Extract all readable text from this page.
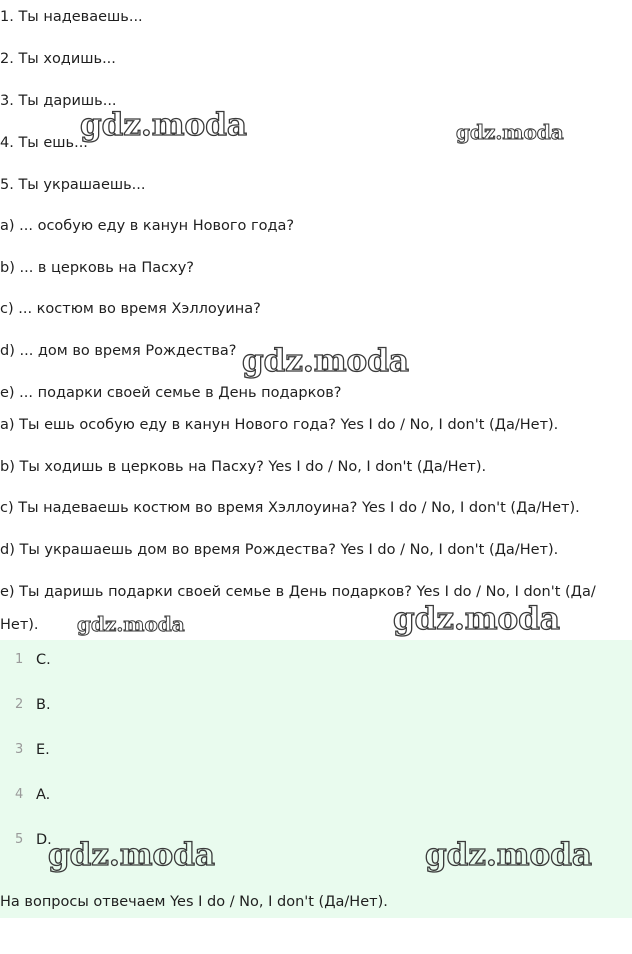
1. Ты надеваешь...
2. Ты ходишь...
3. Ты даришь...
4. Ты ешь...
5. Ты украшаешь...
a) ... особую еду в канун Нового года?
b) ... в церковь на Пасху?
c) ... костюм во время Хэллоуина?
d) ... дом во время Рождества?
e) ... подарки своей семье в День подарков?
a) Ты ешь особую еду в канун Нового года? Yes I do / No, I don't (Да/Нет).
b) Ты ходишь в церковь на Пасху? Yes I do / No, I don't (Да/Нет).
c) Ты надеваешь костюм во время Хэллоуина? Yes I do / No, I don't (Да/Нет).
d) Ты украшаешь дом во время Рождества? Yes I do / No, I don't (Да/Нет).
e) Ты даришь подарки своей семье в День подарков? Yes I do / No, I don't (Да/Нет).
1 C.
2 B.
3 E.
4 A.
5 D.
На вопросы отвечаем Yes I do / No, I don't (Да/Нет).
gdz.moda	gdz.moda
gdz.moda
gdz.moda	gdz.moda
gdz.moda	gdz.moda
